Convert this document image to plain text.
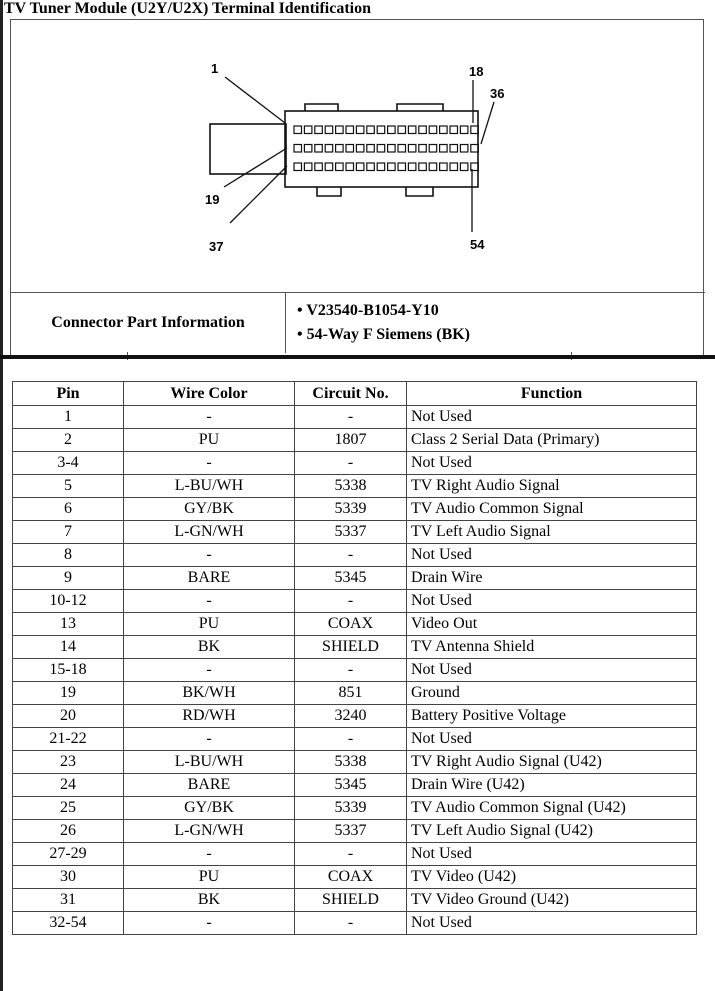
TV Tuner Module (U2Y/U2X) Terminal Identification
1	18
36
19
37	54
Connector Part Information
• V23540-B1054-Y10
• 54-Way F Siemens (BK)
Pin	Wire Color	Circuit No.	Function
1	-	-	Not Used
2	PU	1807	Class 2 Serial Data (Primary)
3-4	-	-	Not Used
5	L-BU/WH	5338	TV Right Audio Signal
6	GY/BK	5339	TV Audio Common Signal
7	L-GN/WH	5337	TV Left Audio Signal
8	-	-	Not Used
9	BARE	5345	Drain Wire
10-12	-	-	Not Used
13	PU	COAX	Video Out
14	BK	SHIELD	TV Antenna Shield
15-18	-	-	Not Used
19	BK/WH	851	Ground
20	RD/WH	3240	Battery Positive Voltage
21-22	-	-	Not Used
23	L-BU/WH	5338	TV Right Audio Signal (U42)
24	BARE	5345	Drain Wire (U42)
25	GY/BK	5339	TV Audio Common Signal (U42)
26	L-GN/WH	5337	TV Left Audio Signal (U42)
27-29	-	-	Not Used
30	PU	COAX	TV Video (U42)
31	BK	SHIELD	TV Video Ground (U42)
32-54	-	-	Not Used
